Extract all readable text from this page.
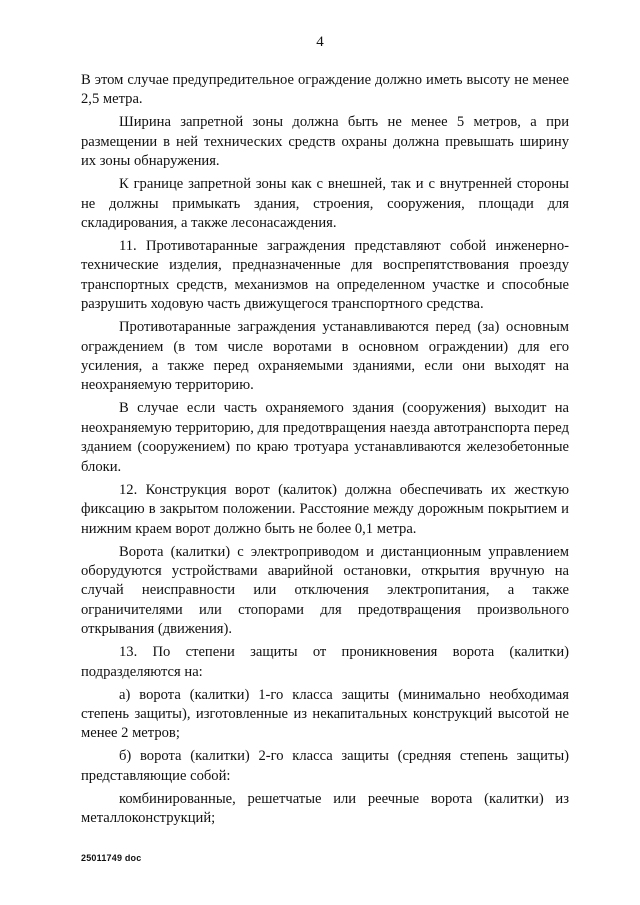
4

В этом случае предупредительное ограждение должно иметь высоту не менее 2,5 метра.

Ширина запретной зоны должна быть не менее 5 метров, а при размещении в ней технических средств охраны должна превышать ширину их зоны обнаружения.

К границе запретной зоны как с внешней, так и с внутренней стороны не должны примыкать здания, строения, сооружения, площади для складирования, а также лесонасаждения.

11. Противотаранные заграждения представляют собой инженерно-технические изделия, предназначенные для воспрепятствования проезду транспортных средств, механизмов на определенном участке и способные разрушить ходовую часть движущегося транспортного средства.

Противотаранные заграждения устанавливаются перед (за) основным ограждением (в том числе воротами в основном ограждении) для его усиления, а также перед охраняемыми зданиями, если они выходят на неохраняемую территорию.

В случае если часть охраняемого здания (сооружения) выходит на неохраняемую территорию, для предотвращения наезда автотранспорта перед зданием (сооружением) по краю тротуара устанавливаются железобетонные блоки.

12. Конструкция ворот (калиток) должна обеспечивать их жесткую фиксацию в закрытом положении. Расстояние между дорожным покрытием и нижним краем ворот должно быть не более 0,1 метра.

Ворота (калитки) с электроприводом и дистанционным управлением оборудуются устройствами аварийной остановки, открытия вручную на случай неисправности или отключения электропитания, а также ограничителями или стопорами для предотвращения произвольного открывания (движения).

13. По степени защиты от проникновения ворота (калитки) подразделяются на:

а) ворота (калитки) 1-го класса защиты (минимально необходимая степень защиты), изготовленные из некапитальных конструкций высотой не менее 2 метров;

б) ворота (калитки) 2-го класса защиты (средняя степень защиты) представляющие собой:

комбинированные, решетчатые или реечные ворота (калитки) из металлоконструкций;

25011749 doc
